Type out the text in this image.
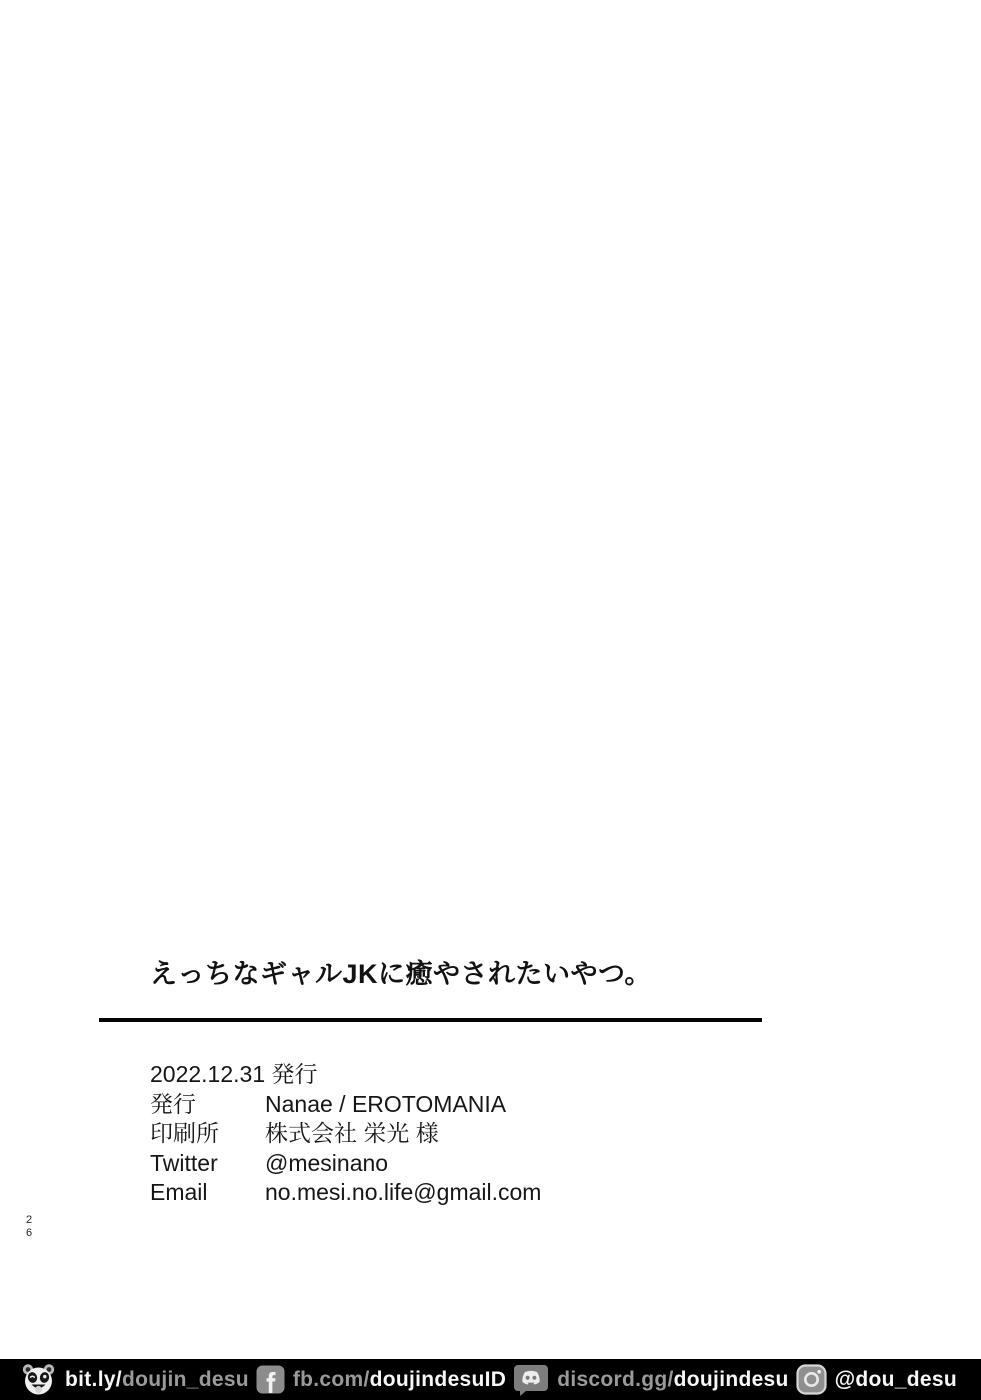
えっちなギャルJKに癒やされたいやつ。
2022.12.31 発行
発行	Nanae / EROTOMANIA
印刷所	株式会社 栄光 様
Twitter	@mesinano
Email	no.mesi.no.life@gmail.com
26
bit.ly/doujin_desu fb.com/doujindesuID discord.gg/doujindesu @dou_desu
